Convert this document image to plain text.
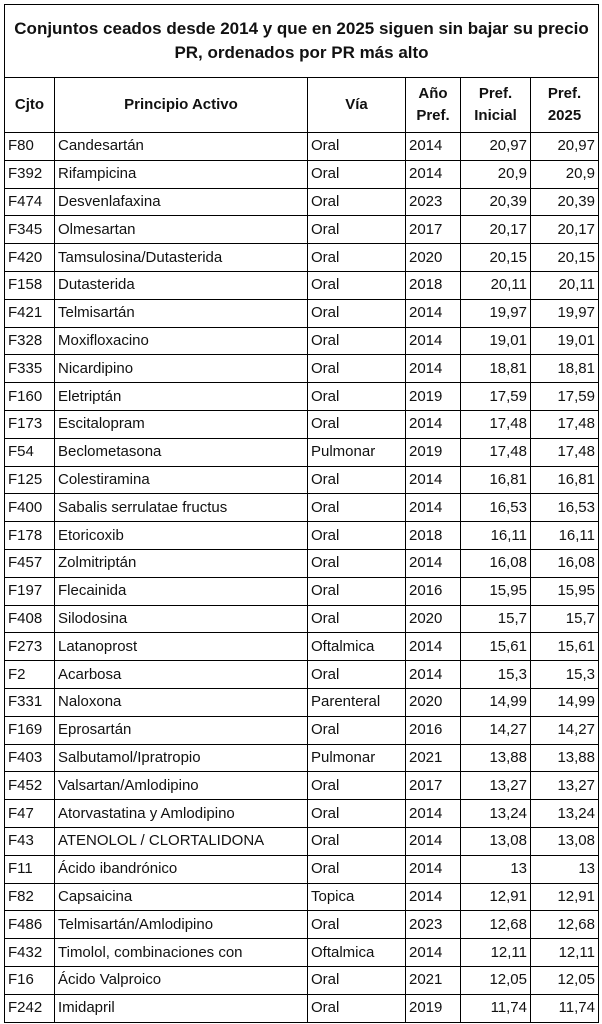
Conjuntos ceados desde 2014 y que en 2025 siguen sin bajar su precio PR, ordenados por PR más alto					
Cjto	Principio Activo	Vía	Año Pref.	Pref. Inicial	Pref. 2025
F80	Candesartán	Oral	2014	20,97	20,97
F392	Rifampicina	Oral	2014	20,9	20,9
F474	Desvenlafaxina	Oral	2023	20,39	20,39
F345	Olmesartan	Oral	2017	20,17	20,17
F420	Tamsulosina/Dutasterida	Oral	2020	20,15	20,15
F158	Dutasterida	Oral	2018	20,11	20,11
F421	Telmisartán	Oral	2014	19,97	19,97
F328	Moxifloxacino	Oral	2014	19,01	19,01
F335	Nicardipino	Oral	2014	18,81	18,81
F160	Eletriptán	Oral	2019	17,59	17,59
F173	Escitalopram	Oral	2014	17,48	17,48
F54	Beclometasona	Pulmonar	2019	17,48	17,48
F125	Colestiramina	Oral	2014	16,81	16,81
F400	Sabalis serrulatae fructus	Oral	2014	16,53	16,53
F178	Etoricoxib	Oral	2018	16,11	16,11
F457	Zolmitriptán	Oral	2014	16,08	16,08
F197	Flecainida	Oral	2016	15,95	15,95
F408	Silodosina	Oral	2020	15,7	15,7
F273	Latanoprost	Oftalmica	2014	15,61	15,61
F2	Acarbosa	Oral	2014	15,3	15,3
F331	Naloxona	Parenteral	2020	14,99	14,99
F169	Eprosartán	Oral	2016	14,27	14,27
F403	Salbutamol/Ipratropio	Pulmonar	2021	13,88	13,88
F452	Valsartan/Amlodipino	Oral	2017	13,27	13,27
F47	Atorvastatina y Amlodipino	Oral	2014	13,24	13,24
F43	ATENOLOL / CLORTALIDONA	Oral	2014	13,08	13,08
F11	Ácido ibandrónico	Oral	2014	13	13
F82	Capsaicina	Topica	2014	12,91	12,91
F486	Telmisartán/Amlodipino	Oral	2023	12,68	12,68
F432	Timolol, combinaciones con	Oftalmica	2014	12,11	12,11
F16	Ácido Valproico	Oral	2021	12,05	12,05
F242	Imidapril	Oral	2019	11,74	11,74
